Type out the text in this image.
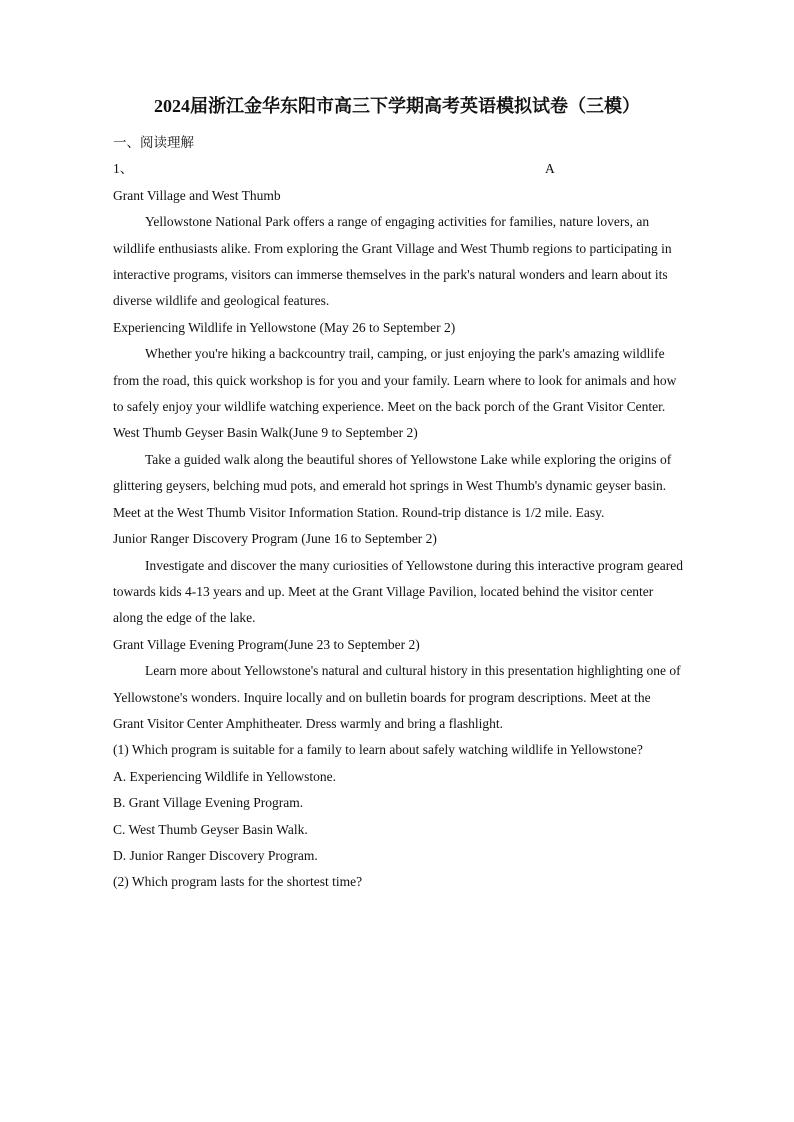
2024届浙江金华东阳市高三下学期高考英语模拟试卷（三模）

一、阅读理解

1、	A

Grant Village and West Thumb

Yellowstone National Park offers a range of engaging activities for families, nature lovers, an wildlife enthusiasts alike. From exploring the Grant Village and West Thumb regions to participating in interactive programs, visitors can immerse themselves in the park's natural wonders and learn about its diverse wildlife and geological features.

Experiencing Wildlife in Yellowstone (May 26 to September 2)

Whether you're hiking a backcountry trail, camping, or just enjoying the park's amazing wildlife from the road, this quick workshop is for you and your family. Learn where to look for animals and how to safely enjoy your wildlife watching experience. Meet on the back porch of the Grant Visitor Center.

West Thumb Geyser Basin Walk(June 9 to September 2)

Take a guided walk along the beautiful shores of Yellowstone Lake while exploring the origins of glittering geysers, belching mud pots, and emerald hot springs in West Thumb's dynamic geyser basin. Meet at the West Thumb Visitor Information Station. Round-trip distance is 1/2 mile. Easy.

Junior Ranger Discovery Program (June 16 to September 2)

Investigate and discover the many curiosities of Yellowstone during this interactive program geared towards kids 4-13 years and up. Meet at the Grant Village Pavilion, located behind the visitor center along the edge of the lake.

Grant Village Evening Program(June 23 to September 2)

Learn more about Yellowstone's natural and cultural history in this presentation highlighting one of Yellowstone's wonders. Inquire locally and on bulletin boards for program descriptions. Meet at the Grant Visitor Center Amphitheater. Dress warmly and bring a flashlight.

(1) Which program is suitable for a family to learn about safely watching wildlife in Yellowstone?

A. Experiencing Wildlife in Yellowstone.

B. Grant Village Evening Program.

C. West Thumb Geyser Basin Walk.

D. Junior Ranger Discovery Program.

(2) Which program lasts for the shortest time?
